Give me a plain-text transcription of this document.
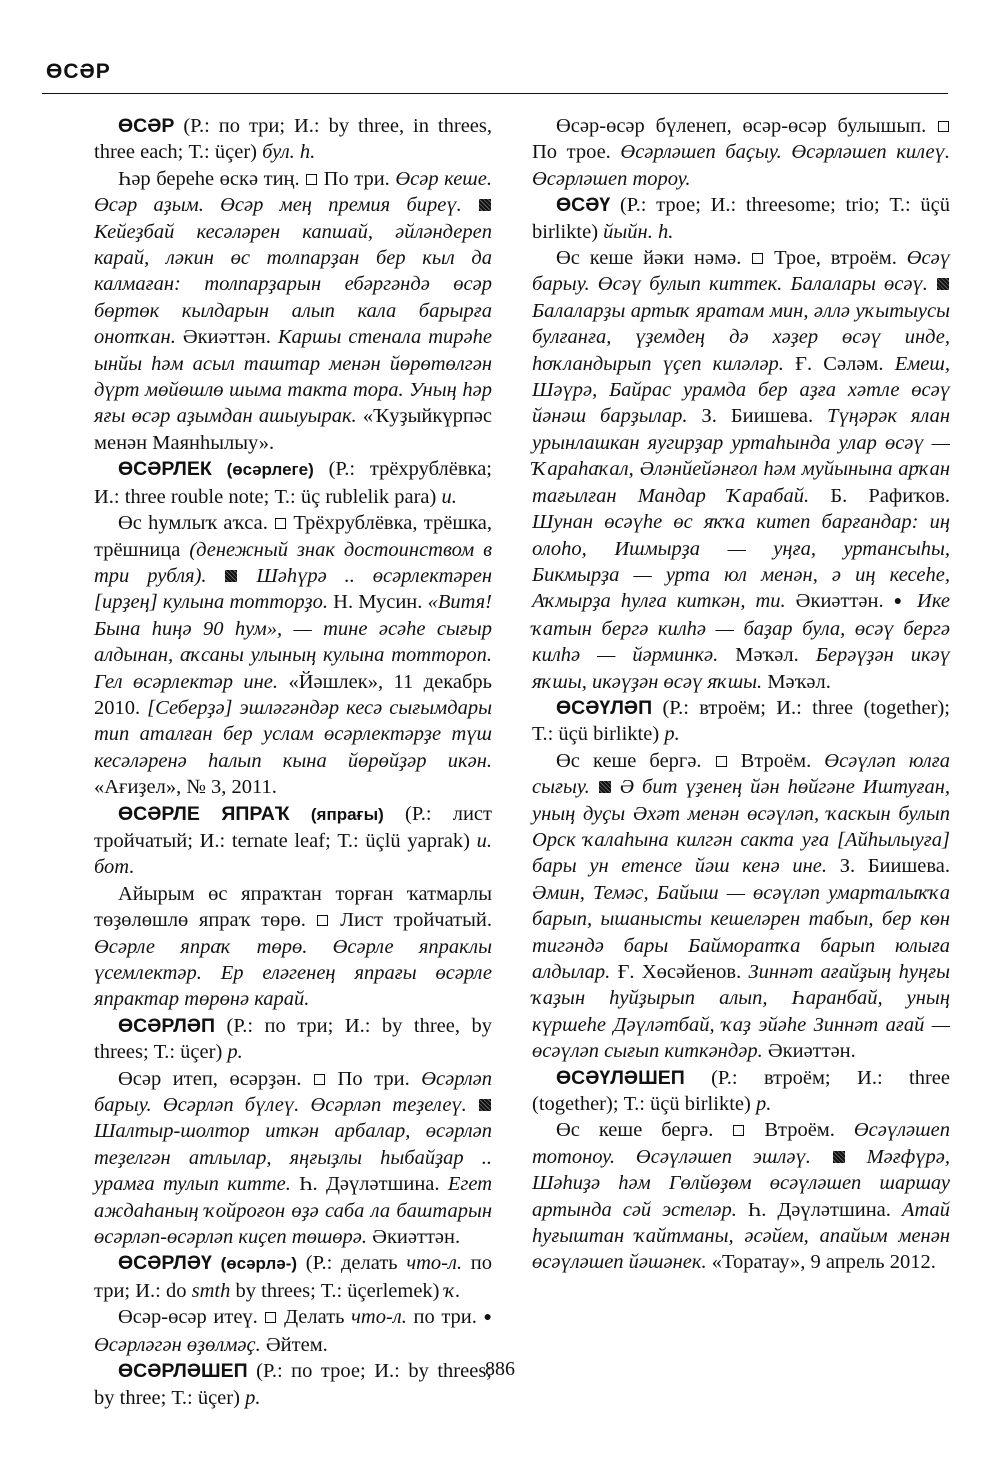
ӨСӘР

ӨСӘР (Р.: по три; И.: by three, in threes, three each; Т.: üçer) бул. h.

Һәр берeһe өскә тиң.  По три. Өсәр кеше. Өсәр аҙым. Өсәр мең премия биреү.  Кейеҙбай кесәләрен капшай, әйләндереп карай, ләкин өс толпарҙан бер кыл да калмаған: толпарҙарын ебәргәндә өсәр бөртөк кылдарын алып кала барырға онотҡан. Әкиәттән. Каршы стенала тирәһе ынйы һәм асыл таштар менән йөрөтөлгән дүрт мөйөшлө шыма такта тора. Уның һәр яғы өсәр аҙымдан ашыуырак. «Ҡуҙыйкүрпәс менән Маянһылыу».

ӨСӘРЛЕК (өсәрлеге) (Р.: трёхрублёвка; И.: three rouble note; Т.: üç rublelik para) и.

Өс һумлыҡ аҡса.  Трёхрублёвка, трёшка, трёшница (денежный знак достоинством в три рубля). Шәһүрә .. өсәрлектәрен [ирҙең] кулына тотторҙо. Н. Мусин. «Витя! Бына һиңә 90 һум», — тине әсәһе сығыр алдынан, аҡсаны улының кулына тоттороп. Гел өсәрлектәр ине. «Йәшлек», 11 декабрь 2010. [Себерҙә] эшләгәндәр кесә сығымдары тип аталған бер услам өсәрлектәрҙе түш кесәләренә һалып кына йөрөйҙәр икән. «Ағиҙел», № 3, 2011.

ӨСӘРЛЕ ЯПРАҠ (япрағы) (Р.: лист тройчатый; И.: ternate leaf; Т.: üçlü yaprak) и. бот.

Айырым өс япраҡтан торған ҡатмарлы төҙөлөшлө япраҡ төрө.  Лист тройчатый. Өсәрле япраҡ төрө. Өсәрле япраклы үсемлектәр. Ер еләгенең япрағы өсәрле япрактар төрөнә карай.

ӨСӘРЛӘП (Р.: по три; И.: by three, by threes; Т.: üçer) р.

Өсәр итеп, өсәрҙән.  По три. Өсәрләп барыу. Өсәрләп бүлеү. Өсәрләп теҙелеү.  Шалтыр-шолтор иткән арбалар, өсәрләп теҙелгән атлылар, яңғыҙлы һыбайҙар .. урамға тулып китте. Һ. Дәүләтшина. Егет аждаһаның ҡойроғон өҙә саба ла баштарын өсәрләп-өсәрләп киҫеп төшөрә. Әкиәттән.

ӨСӘРЛӘҮ (өсәрлә-) (Р.: делать что-л. по три; И.: do smth by threes; Т.: üçerlemek) ҡ.

Өсәр-өсәр итеү.  Делать что-л. по три. ● Өсәрләгән өҙөлмәҫ. Әйтем.

ӨСӘРЛӘШЕП (Р.: по трое; И.: by threes; by three; Т.: üçer) р.

Өсәр-өсәр бүленеп, өсәр-өсәр булышып.  По трое. Өсәрләшеп баҫыу. Өсәрләшеп килеү. Өсәрләшеп тороу.

ӨСӘҮ (Р.: трое; И.: threesome; trio; Т.: üçü birlikte) йыйн. h.

Өс кеше йәки нәмә.  Трое, втроём. Өсәү барыу. Өсәү булып киттек. Балалары өсәү.  Балаларҙы артыҡ яратам мин, әллә уҡытыусы булғанға, үҙемдең дә хәҙер өсәү инде, һоҡландырып үҫеп киләләр. Ғ. Сәләм. Емеш, Шәүрә, Байрас урамда бер аҙға хәтле өсәү йәнәш барҙылар. З. Биишева. Түңәрәк ялан урынлашкан яугирҙар уртаһында улар өсәү — Ҡараһаҡал, Әләнйейәнғол һәм муйынына арҡан тағылған Мандар Ҡарабай. Б. Рафиҡов. Шунан өсәүһе өс яҡҡа китеп барғандар: иң олоһо, Ишмырҙа — уңға, уртансыһы, Бикмырҙа — урта юл менән, ә иң кесеһе, Аҡмырҙа һулға киткән, ти. Әкиәттән. ● Ике ҡатын бергә килһә — баҙар була, өсәү бергә килһә — йәрминкә. Мәҡәл. Берәүҙән икәү яҡшы, икәүҙән өсәү яҡшы. Мәҡәл.

ӨСӘҮЛӘП (Р.: втроём; И.: three (together); Т.: üçü birlikte) р.

Өс кеше бергә.  Втроём. Өсәүләп юлға сығыу. Ә бит үҙенең йән һөйгәне Иштуған, уның дуҫы Әхәт менән өсәүләп, ҡаскын булып Орск ҡалаһына килгән сакта уға [Айһылыуға] бары ун етенсе йәш кенә ине. З. Биишева. Әмин, Темәс, Байыш — өсәүләп умарталыҡҡа барып, ышанысты кешеләрен табып, бер көн тигәндә бары Байморатҡа барып юлыға алдылар. Ғ. Хөсәйенов. Зиннәт ағайҙың һуңғы ҡаҙын һуйҙырып алып, Һаранбай, уның күршеһе Дәүләтбай, ҡаҙ эйәһе Зиннәт ағай — өсәүләп сығып киткәндәр. Әкиәттән.

ӨСӘҮЛӘШЕП (Р.: втроём; И.: three (together); Т.: üçü birlikte) р.

Өс кеше бергә.  Втроём. Өсәүләшеп тотоноу. Өсәүләшеп эшләү.	Мәғфүрә, Шәһиҙә һәм Гөлйөҙөм өсәүләшеп шаршау артында сәй эстеләр. Һ. Дәүләтшина. Атай һуғыштан ҡайтманы, әсәйем, апайым менән өсәүләшеп йәшәнек. «Торатау», 9 апрель 2012.

886
